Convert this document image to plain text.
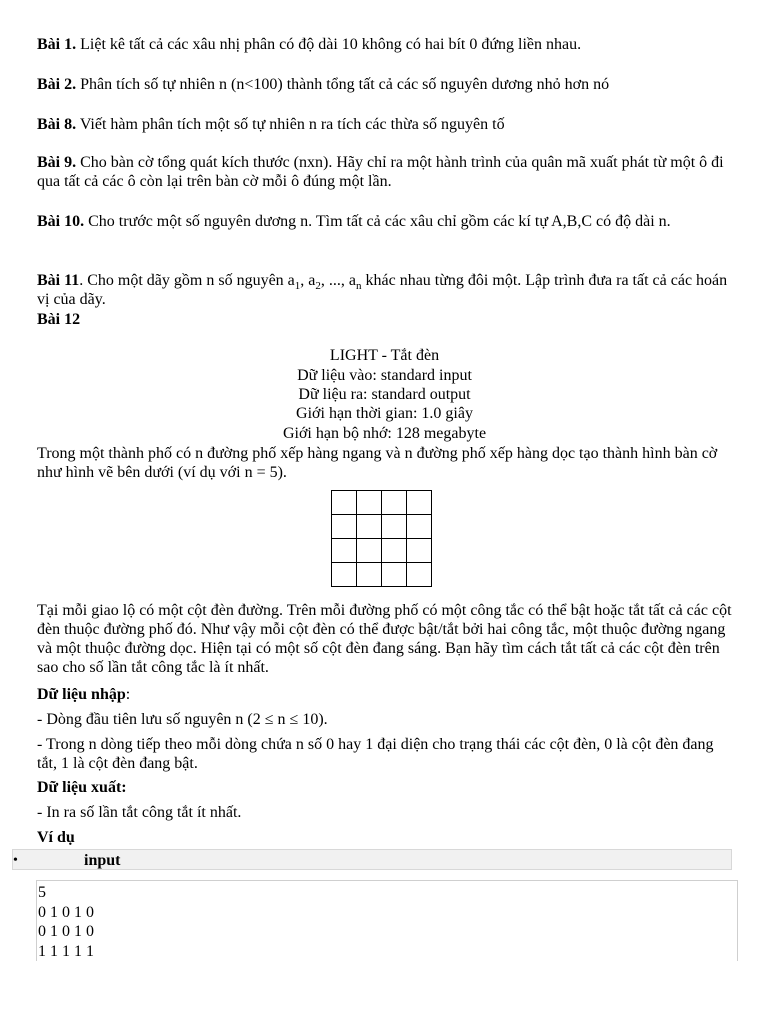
Bài 1. Liệt kê tất cả các xâu nhị phân có độ dài 10 không có hai bít 0 đứng liền nhau.
Bài 2. Phân tích số tự nhiên n (n<100) thành tổng tất cả các số nguyên dương nhỏ hơn nó
Bài 8. Viết hàm phân tích một số tự nhiên n ra tích các thừa số nguyên tố
Bài 9. Cho bàn cờ tổng quát kích thước (nxn). Hãy chỉ ra một hành trình của quân mã xuất phát từ một ô đi qua tất cả các ô còn lại trên bàn cờ mỗi ô đúng một lần.
Bài 10. Cho trước một số nguyên dương n. Tìm tất cả các xâu chỉ gồm các kí tự A,B,C có độ dài n.
Bài 11. Cho một dãy gồm n số nguyên $a_1$, $a_2$, ..., $a_n$ khác nhau từng đôi một. Lập trình đưa ra tất cả các hoán vị của dãy.
Bài 12
LIGHT - Tắt đèn
Dữ liệu vào: standard input
Dữ liệu ra: standard output
Giới hạn thời gian: 1.0 giây
Giới hạn bộ nhớ: 128 megabyte
Trong một thành phố có n đường phố xếp hàng ngang và n đường phố xếp hàng dọc tạo thành hình bàn cờ như hình vẽ bên dưới (ví dụ với n = 5).

Tại mỗi giao lộ có một cột đèn đường. Trên mỗi đường phố có một công tắc có thể bật hoặc tắt tất cả các cột đèn thuộc đường phố đó. Như vậy mỗi cột đèn có thể được bật/tắt bởi hai công tắc, một thuộc đường ngang và một thuộc đường dọc. Hiện tại có một số cột đèn đang sáng. Bạn hãy tìm cách tắt tất cả các cột đèn trên sao cho số lần tắt công tắc là ít nhất.
Dữ liệu nhập:
- Dòng đầu tiên lưu số nguyên n (2 ≤ n ≤ 10).
- Trong n dòng tiếp theo mỗi dòng chứa n số 0 hay 1 đại diện cho trạng thái các cột đèn, 0 là cột đèn đang tắt, 1 là cột đèn đang bật.
Dữ liệu xuất:
- In ra số lần tắt công tắt ít nhất.
Ví dụ
•	input
5
0 1 0 1 0
0 1 0 1 0
1 1 1 1 1
